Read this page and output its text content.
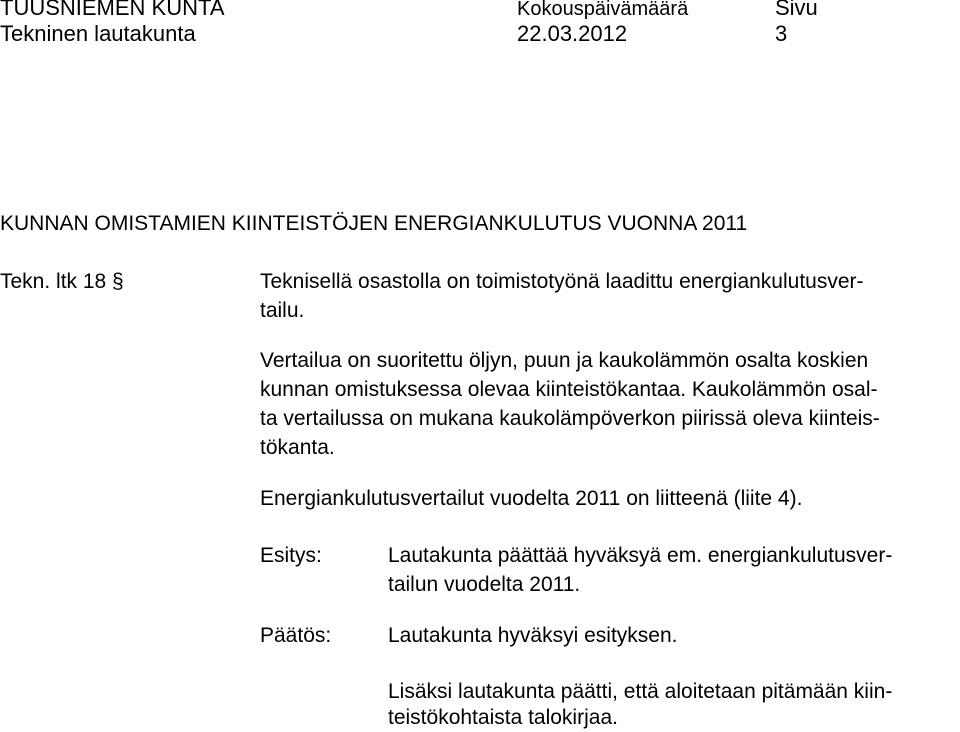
TUUSNIEMEN KUNTA
Tekninen lautakunta
Kokouspäivämäärä
22.03.2012
Sivu
3
KUNNAN OMISTAMIEN KIINTEISTÖJEN ENERGIANKULUTUS VUONNA 2011
Tekn. ltk 18 §	Teknisellä osastolla on toimistotyönä laadittu energiankulutusver-
tailu.
Vertailua on suoritettu öljyn, puun ja kaukolämmön osalta koskien
kunnan omistuksessa olevaa kiinteistökantaa. Kaukolämmön osal-
ta vertailussa on mukana kaukolämpöverkon piirissä oleva kiinteis-
tökanta.
Energiankulutusvertailut vuodelta 2011 on liitteenä (liite 4).
Esitys:	Lautakunta päättää hyväksyä em. energiankulutusver-
tailun vuodelta 2011.
Päätös:	Lautakunta hyväksyi esityksen.
Lisäksi lautakunta päätti, että aloitetaan pitämään kiin-
teistökohtaista talokirjaa.
